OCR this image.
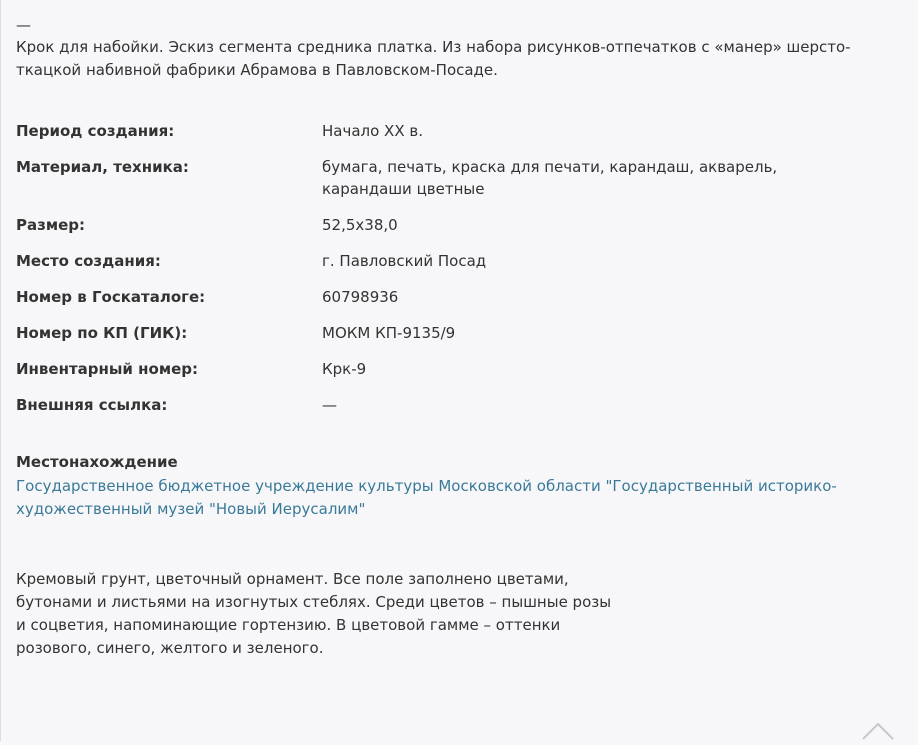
—

Крок для набойки. Эскиз сегмента средника платка. Из набора рисунков-отпечатков с «манер» шерсто-ткацкой набивной фабрики Абрамова в Павловском-Посаде.

Период создания:	Начало XX в.
Материал, техника:	бумага, печать, краска для печати, карандаш, акварель, карандаши цветные
Размер:	52,5x38,0
Место создания:	г. Павловский Посад
Номер в Госкаталоге:	60798936
Номер по КП (ГИК):	МОКМ КП-9135/9
Инвентарный номер:	Крк-9
Внешняя ссылка:	—
Местонахождение
Государственное бюджетное учреждение культуры Московской области "Государственный историко-художественный музей "Новый Иерусалим"

Кремовый грунт, цветочный орнамент. Все поле заполнено цветами, бутонами и листьями на изогнутых стеблях. Среди цветов – пышные розы и соцветия, напоминающие гортензию. В цветовой гамме – оттенки розового, синего, желтого и зеленого.
